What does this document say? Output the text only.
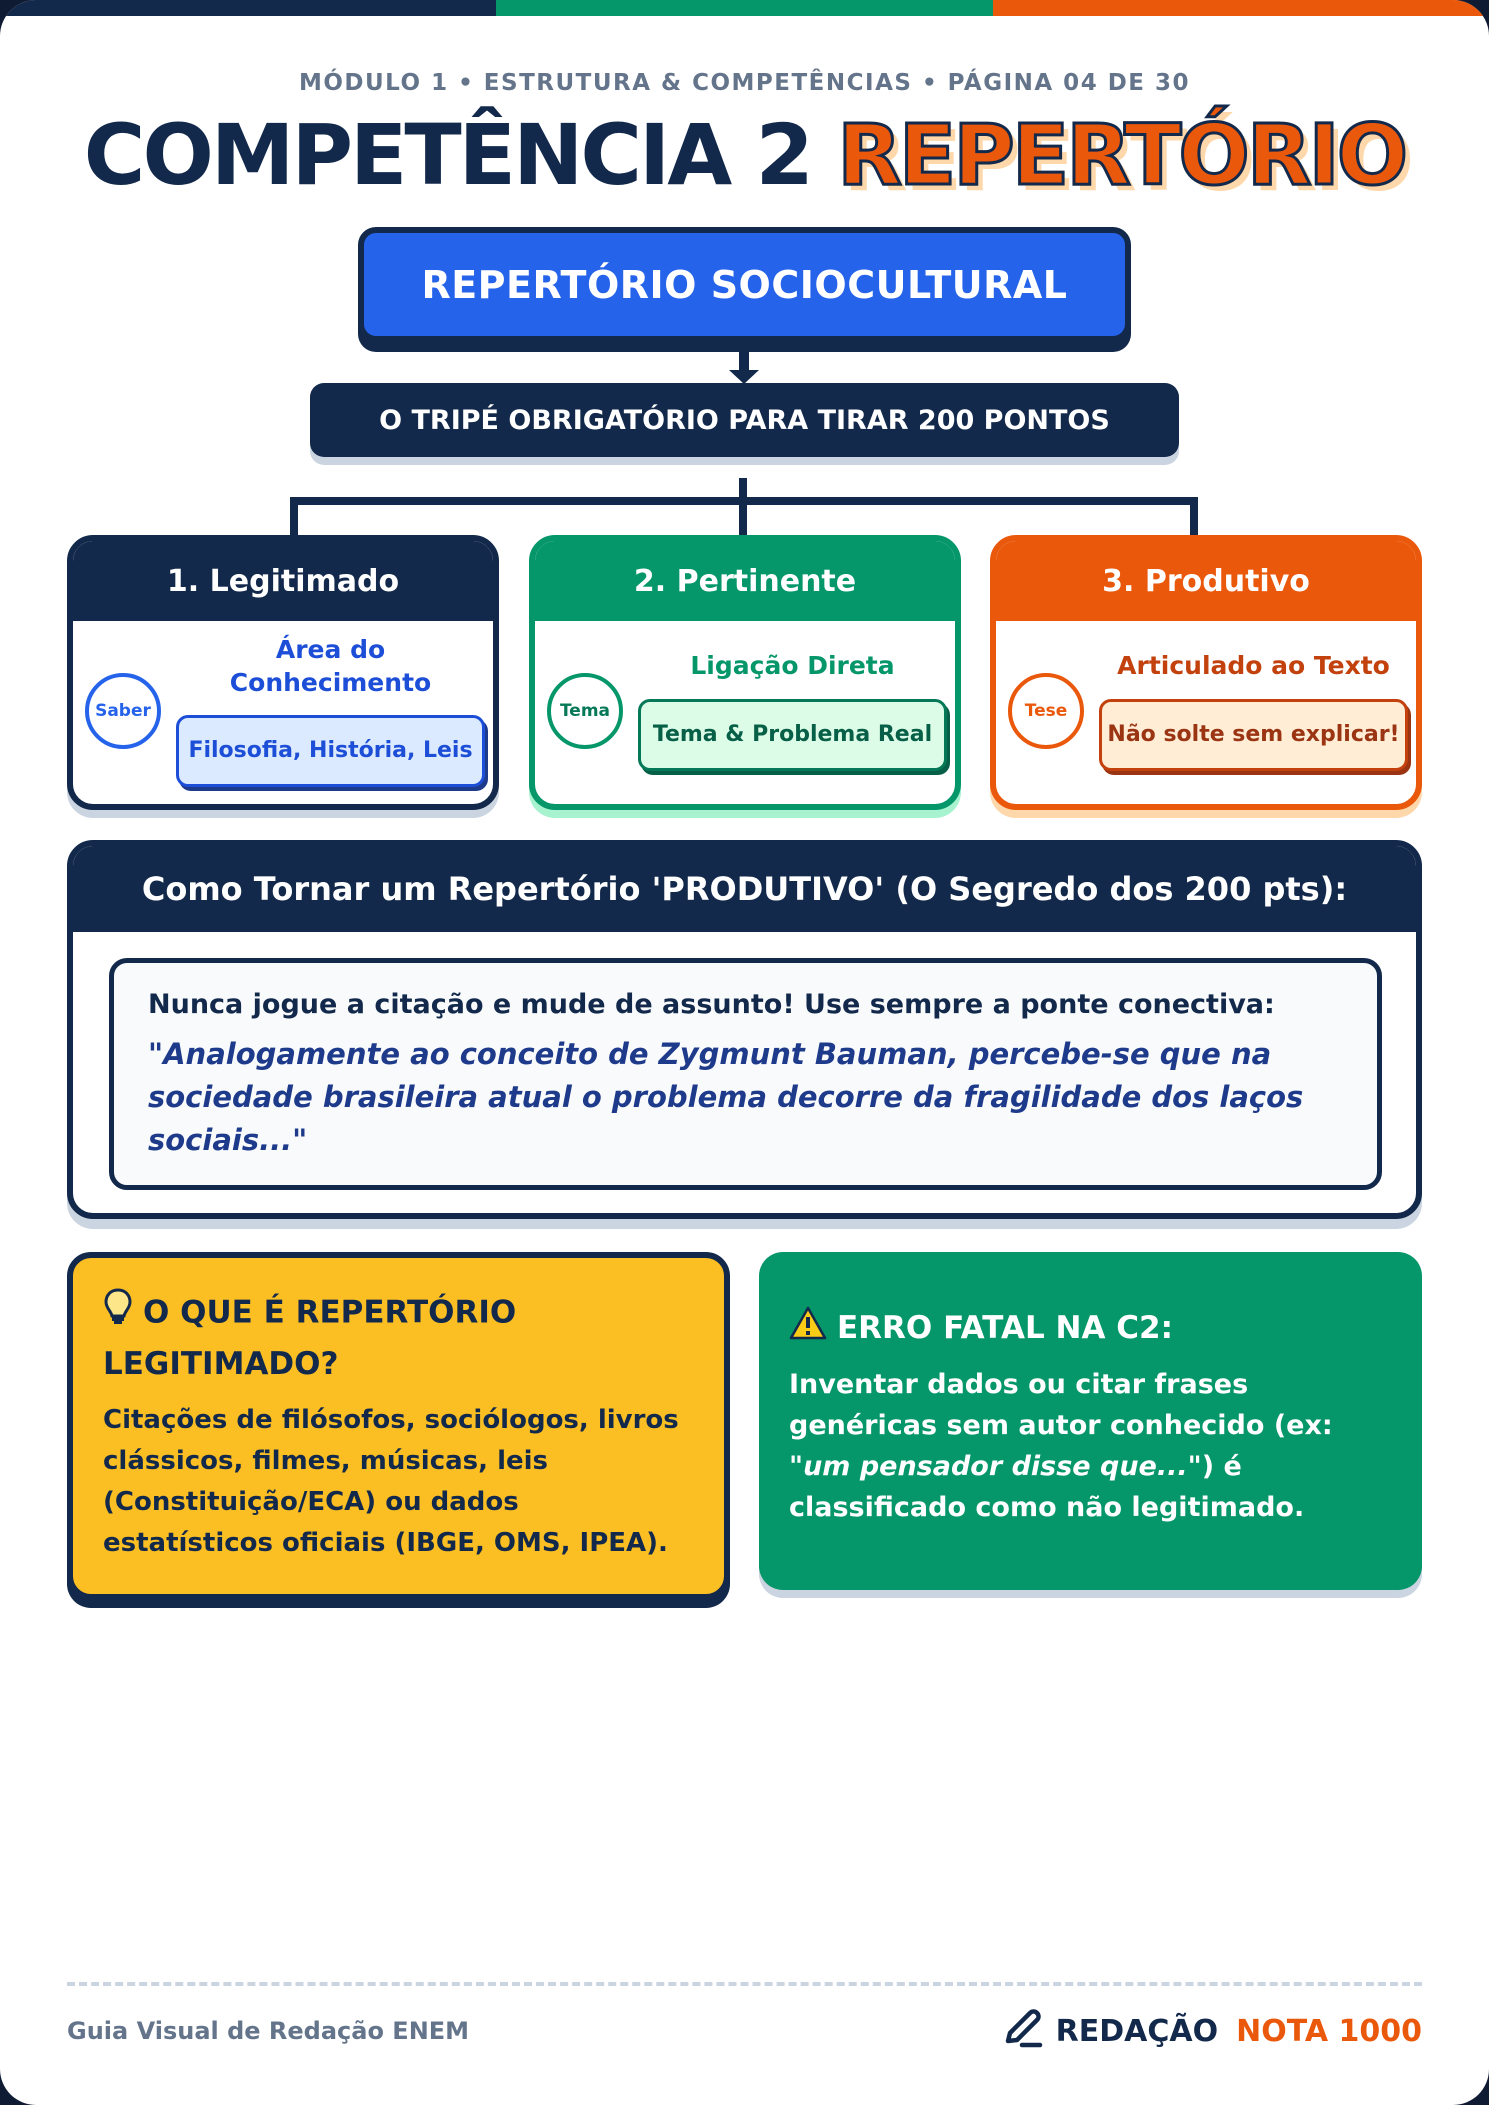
MÓDULO 1 • ESTRUTURA & COMPETÊNCIAS • PÁGINA 04 DE 30
COMPETÊNCIA 2 REPERTÓRIO
REPERTÓRIO SOCIOCULTURAL
O TRIPÉ OBRIGATÓRIO PARA TIRAR 200 PONTOS
1. Legitimado
Saber
Área do Conhecimento
Filosofia, História, Leis
2. Pertinente
Tema
Ligação Direta
Tema & Problema Real
3. Produtivo
Tese
Articulado ao Texto
Não solte sem explicar!
Como Tornar um Repertório 'PRODUTIVO' (O Segredo dos 200 pts):
Nunca jogue a citação e mude de assunto! Use sempre a ponte conectiva:
"Analogamente ao conceito de Zygmunt Bauman, percebe-se que na sociedade brasileira atual o problema decorre da fragilidade dos laços sociais..."
O QUE É REPERTÓRIO LEGITIMADO?
Citações de filósofos, sociólogos, livros clássicos, filmes, músicas, leis (Constituição/ECA) ou dados estatísticos oficiais (IBGE, OMS, IPEA).
ERRO FATAL NA C2:
Inventar dados ou citar frases genéricas sem autor conhecido (ex: "um pensador disse que...") é classificado como não legitimado.
Guia Visual de Redação ENEM	REDAÇÃO NOTA 1000
